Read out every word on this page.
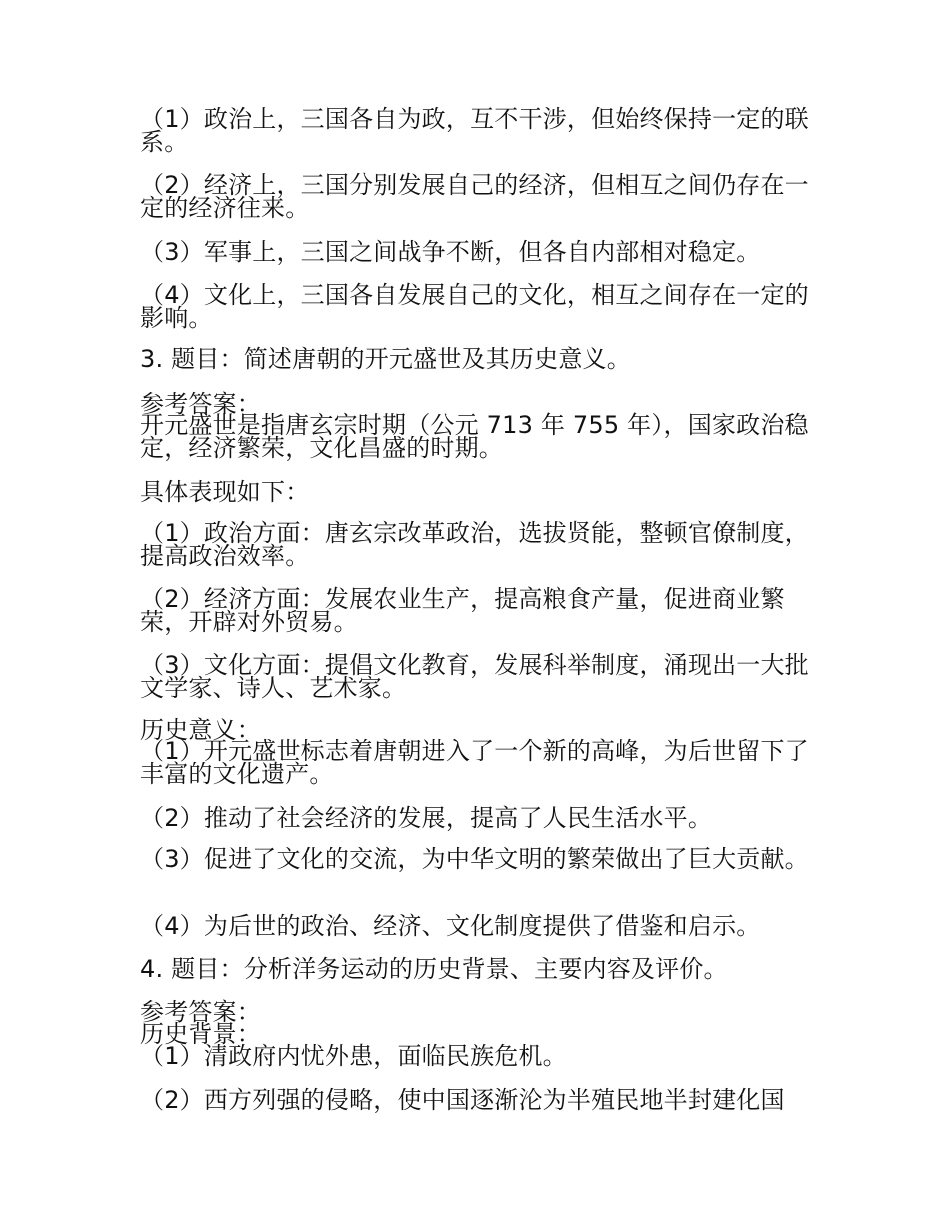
（1）政治上，三国各自为政，互不干涉，但始终保持一定的联系。
（2）经济上，三国分别发展自己的经济，但相互之间仍存在一定的经济往来。
（3）军事上，三国之间战争不断，但各自内部相对稳定。
（4）文化上，三国各自发展自己的文化，相互之间存在一定的影响。
3. 题目：简述唐朝的开元盛世及其历史意义。
参考答案：
开元盛世是指唐玄宗时期（公元 713 年 755 年），国家政治稳定，经济繁荣，文化昌盛的时期。
具体表现如下：
（1）政治方面：唐玄宗改革政治，选拔贤能，整顿官僚制度，提高政治效率。
（2）经济方面：发展农业生产，提高粮食产量，促进商业繁荣，开辟对外贸易。
（3）文化方面：提倡文化教育，发展科举制度，涌现出一大批文学家、诗人、艺术家。
历史意义：
（1）开元盛世标志着唐朝进入了一个新的高峰，为后世留下了丰富的文化遗产。
（2）推动了社会经济的发展，提高了人民生活水平。
（3）促进了文化的交流，为中华文明的繁荣做出了巨大贡献。
（4）为后世的政治、经济、文化制度提供了借鉴和启示。
4. 题目：分析洋务运动的历史背景、主要内容及评价。
参考答案：
历史背景：
（1）清政府内忧外患，面临民族危机。
（2）西方列强的侵略，使中国逐渐沦为半殖民地半封建化国
